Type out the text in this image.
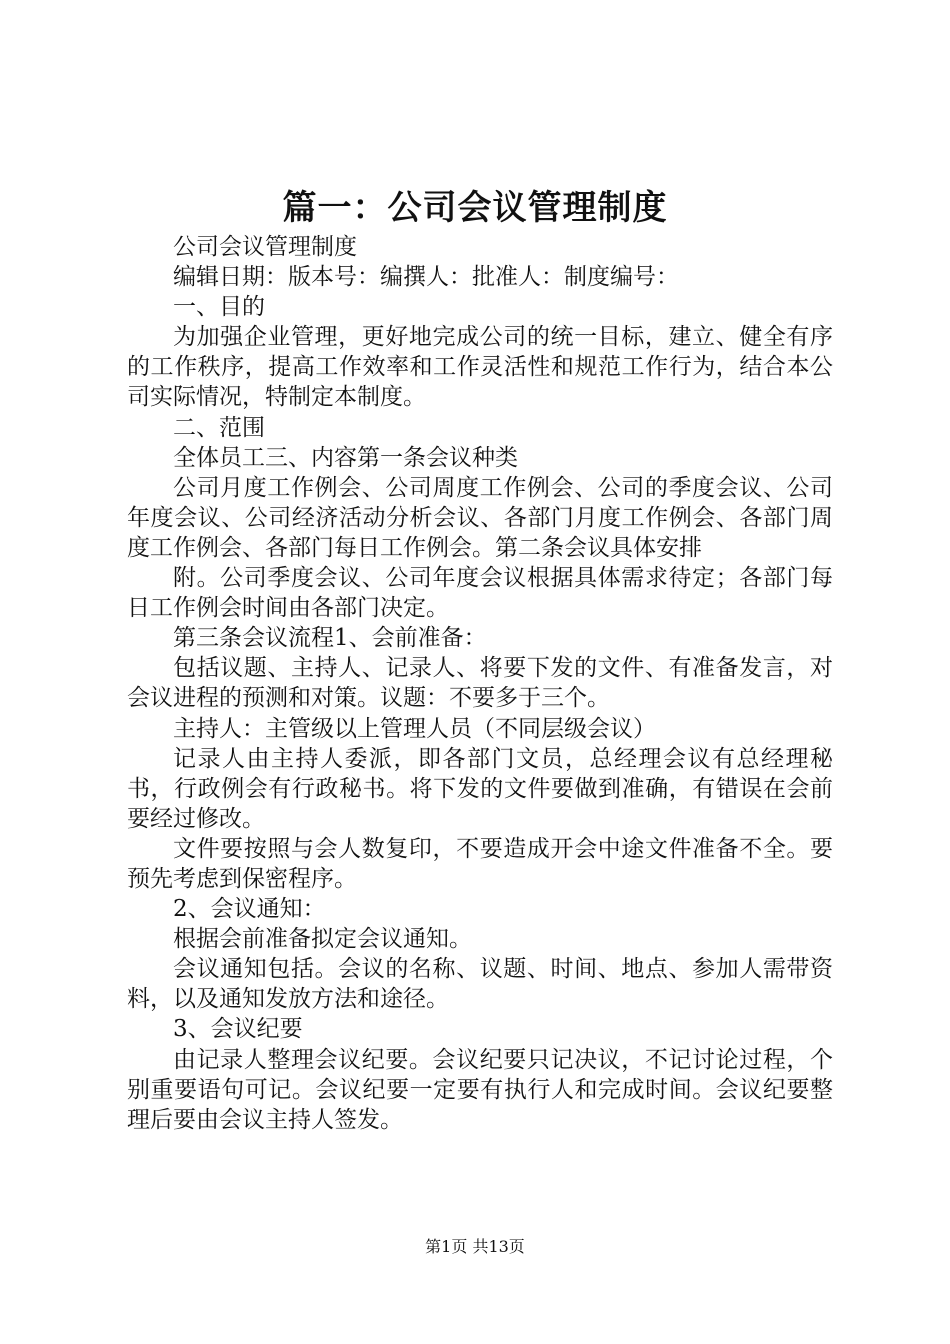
篇一：公司会议管理制度

公司会议管理制度

编辑日期：版本号：编撰人：批准人：制度编号：

一、目的

为加强企业管理，更好地完成公司的统一目标，建立、健全有序的工作秩序，提高工作效率和工作灵活性和规范工作行为，结合本公司实际情况，特制定本制度。

二、范围

全体员工三、内容第一条会议种类

公司月度工作例会、公司周度工作例会、公司的季度会议、公司年度会议、公司经济活动分析会议、各部门月度工作例会、各部门周度工作例会、各部门每日工作例会。第二条会议具体安排

附。公司季度会议、公司年度会议根据具体需求待定；各部门每日工作例会时间由各部门决定。

第三条会议流程1、会前准备：

包括议题、主持人、记录人、将要下发的文件、有准备发言，对会议进程的预测和对策。议题：不要多于三个。

主持人：主管级以上管理人员（不同层级会议）

记录人由主持人委派，即各部门文员，总经理会议有总经理秘书，行政例会有行政秘书。将下发的文件要做到准确，有错误在会前要经过修改。

文件要按照与会人数复印，不要造成开会中途文件准备不全。要预先考虑到保密程序。

2、会议通知：

根据会前准备拟定会议通知。

会议通知包括。会议的名称、议题、时间、地点、参加人需带资料，以及通知发放方法和途径。

3、会议纪要

由记录人整理会议纪要。会议纪要只记决议，不记讨论过程，个别重要语句可记。会议纪要一定要有执行人和完成时间。会议纪要整理后要由会议主持人签发。

第1页 共13页
